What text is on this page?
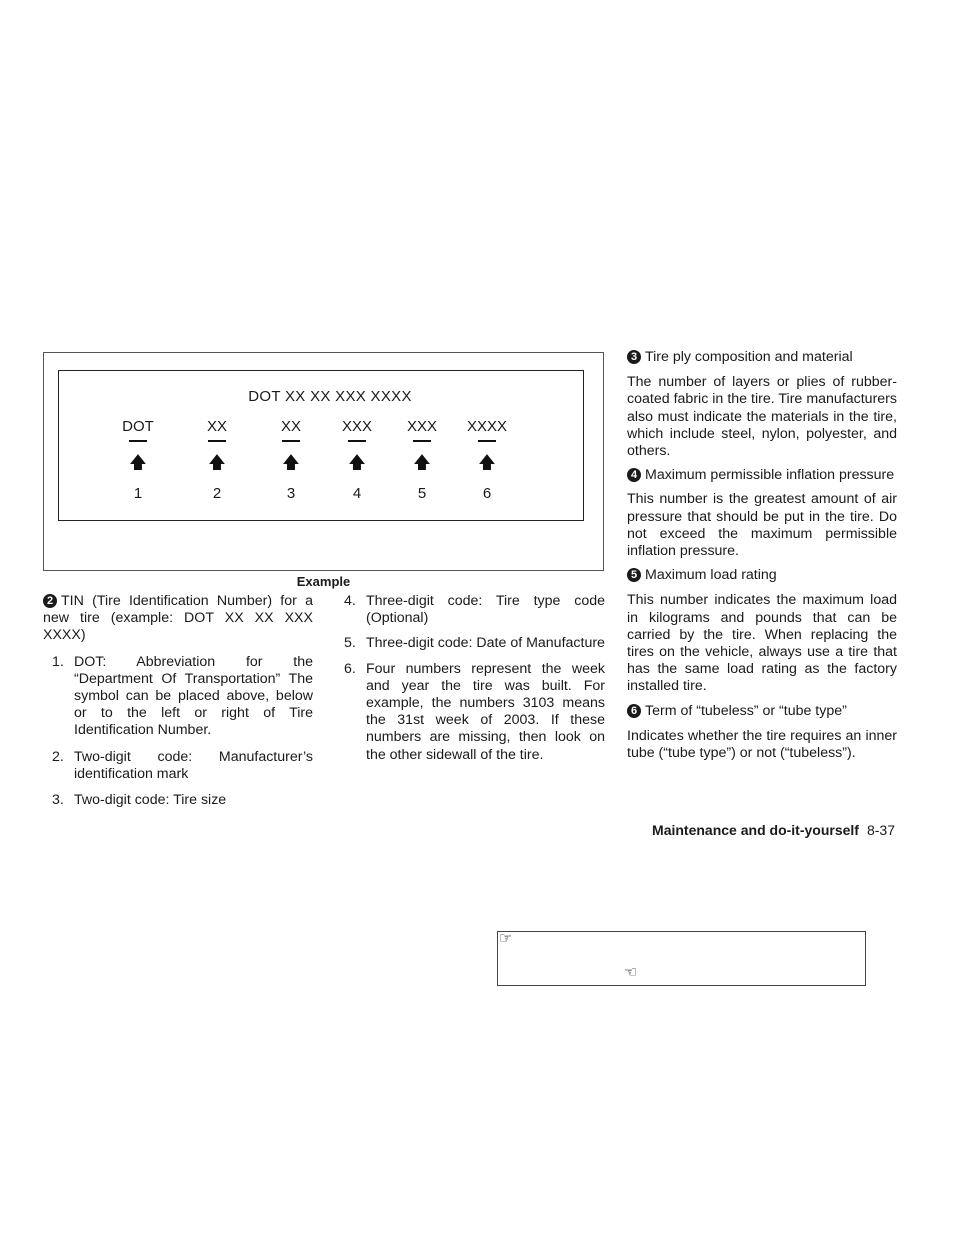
DOT XX XX XXX XXXX
DOT
🡅
1
XX
🡅
2
XX
🡅
3
XXX
🡅
4
XXX
🡅
5
XXXX
🡅
6
Example
2 TIN (Tire Identification Number) for a new tire (example: DOT XX XX XXX XXXX)
1. DOT: Abbreviation for the “Department Of Transportation” The symbol can be placed above, below or to the left or right of Tire Identification Number.
2. Two-digit code: Manufacturer’s identification mark
3. Two-digit code: Tire size
4. Three-digit code: Tire type code (Optional)
5. Three-digit code: Date of Manufacture
6. Four numbers represent the week and year the tire was built. For example, the numbers 3103 means the 31st week of 2003. If these numbers are missing, then look on the other sidewall of the tire.
3 Tire ply composition and material
The number of layers or plies of rubber-coated fabric in the tire. Tire manufacturers also must indicate the materials in the tire, which include steel, nylon, polyester, and others.
4 Maximum permissible inflation pressure
This number is the greatest amount of air pressure that should be put in the tire. Do not exceed the maximum permissible inflation pressure.
5 Maximum load rating
This number indicates the maximum load in kilograms and pounds that can be carried by the tire. When replacing the tires on the vehicle, always use a tire that has the same load rating as the factory installed tire.
6 Term of “tubeless” or “tube type”
Indicates whether the tire requires an inner tube (“tube type”) or not (“tubeless”).
Maintenance and do-it-yourself 8-37
☞
☜
